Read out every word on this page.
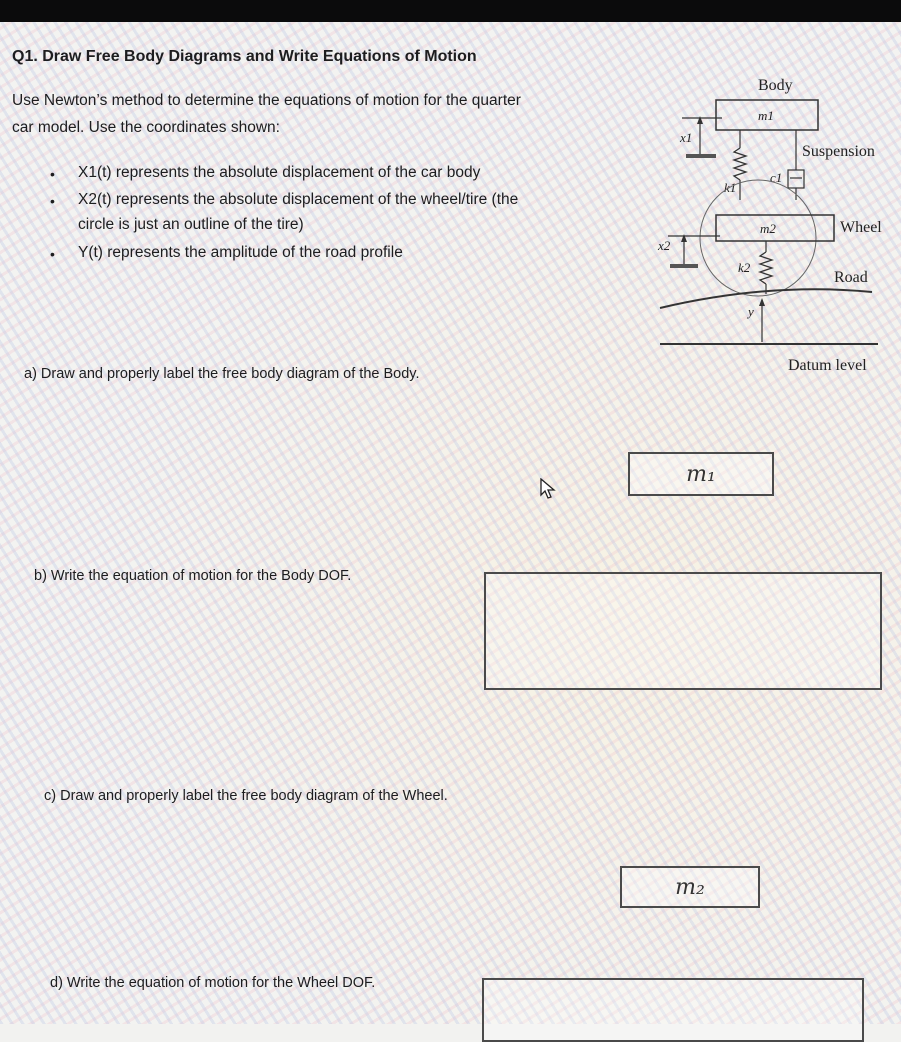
Q1. Draw Free Body Diagrams and Write Equations of Motion
Use Newton’s method to determine the equations of motion for the quarter
car model. Use the coordinates shown:
• X1(t) represents the absolute displacement of the car body
• X2(t) represents the absolute displacement of the wheel/tire (the
circle is just an outline of the tire)
• Y(t) represents the amplitude of the road profile
Body
m1
x1
Suspension
k1
c1
m2	Wheel
x2
k2
Road
y
Datum level
a) Draw and properly label the free body diagram of the Body.
m₁
b) Write the equation of motion for the Body DOF.
c) Draw and properly label the free body diagram of the Wheel.
m₂
d) Write the equation of motion for the Wheel DOF.
